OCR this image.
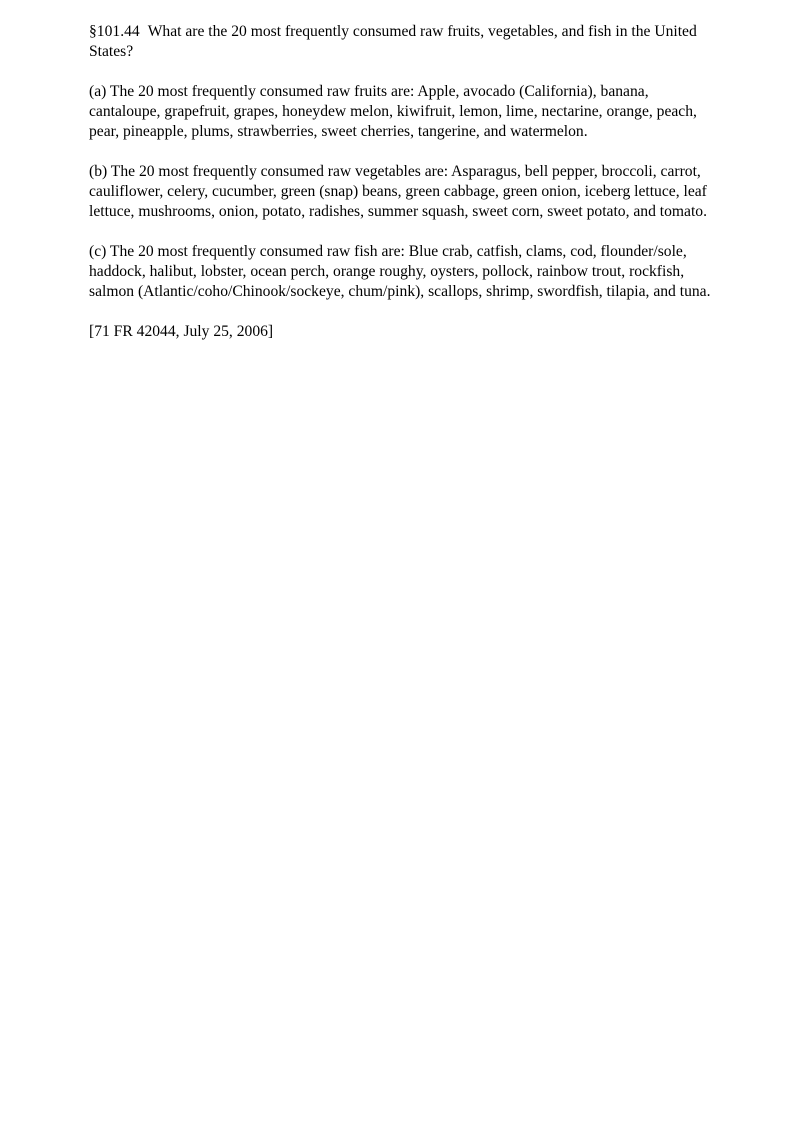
§101.44 What are the 20 most frequently consumed raw fruits, vegetables, and fish in the United States?

(a) The 20 most frequently consumed raw fruits are: Apple, avocado (California), banana, cantaloupe, grapefruit, grapes, honeydew melon, kiwifruit, lemon, lime, nectarine, orange, peach, pear, pineapple, plums, strawberries, sweet cherries, tangerine, and watermelon.

(b) The 20 most frequently consumed raw vegetables are: Asparagus, bell pepper, broccoli, carrot, cauliflower, celery, cucumber, green (snap) beans, green cabbage, green onion, iceberg lettuce, leaf lettuce, mushrooms, onion, potato, radishes, summer squash, sweet corn, sweet potato, and tomato.

(c) The 20 most frequently consumed raw fish are: Blue crab, catfish, clams, cod, flounder/sole, haddock, halibut, lobster, ocean perch, orange roughy, oysters, pollock, rainbow trout, rockfish, salmon (Atlantic/coho/Chinook/sockeye, chum/pink), scallops, shrimp, swordfish, tilapia, and tuna.

[71 FR 42044, July 25, 2006]
